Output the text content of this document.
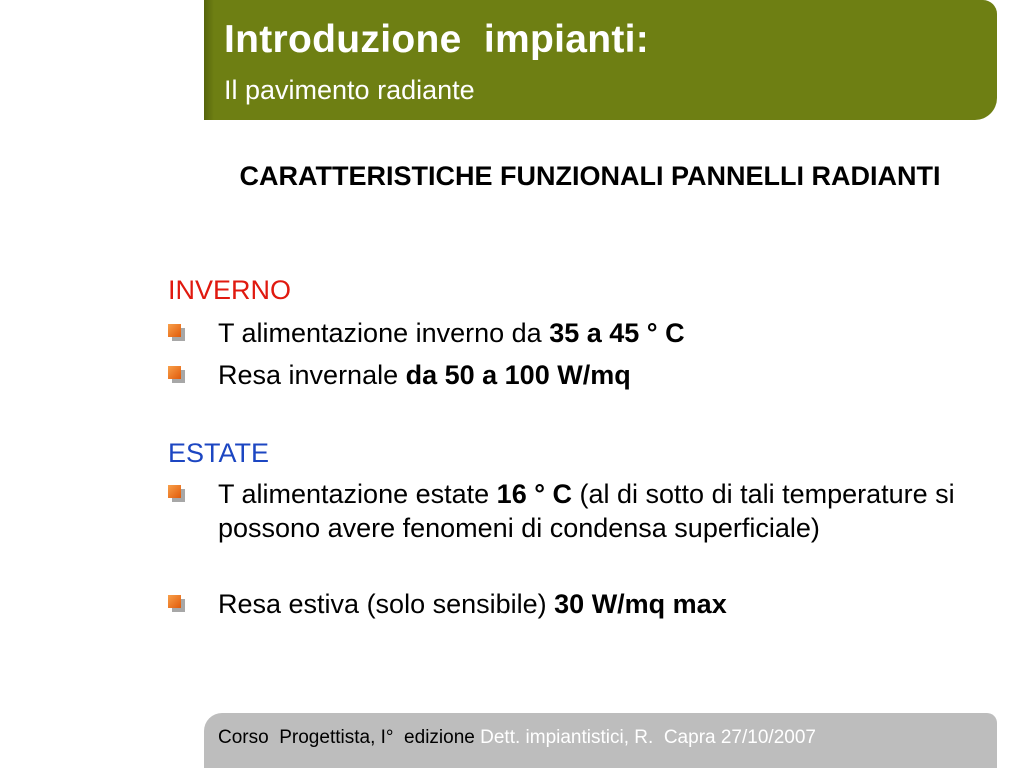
Introduzione  impianti:
Il pavimento radiante
CARATTERISTICHE FUNZIONALI PANNELLI RADIANTI
INVERNO
T alimentazione inverno da 35 a 45 ° C
Resa invernale da 50 a 100 W/mq
ESTATE
T alimentazione estate 16 ° C (al di sotto di tali temperature si possono avere fenomeni di condensa superficiale)
Resa estiva (solo sensibile) 30 W/mq max
Corso  Progettista, I°  edizione Dett. impiantistici, R.  Capra 27/10/2007
